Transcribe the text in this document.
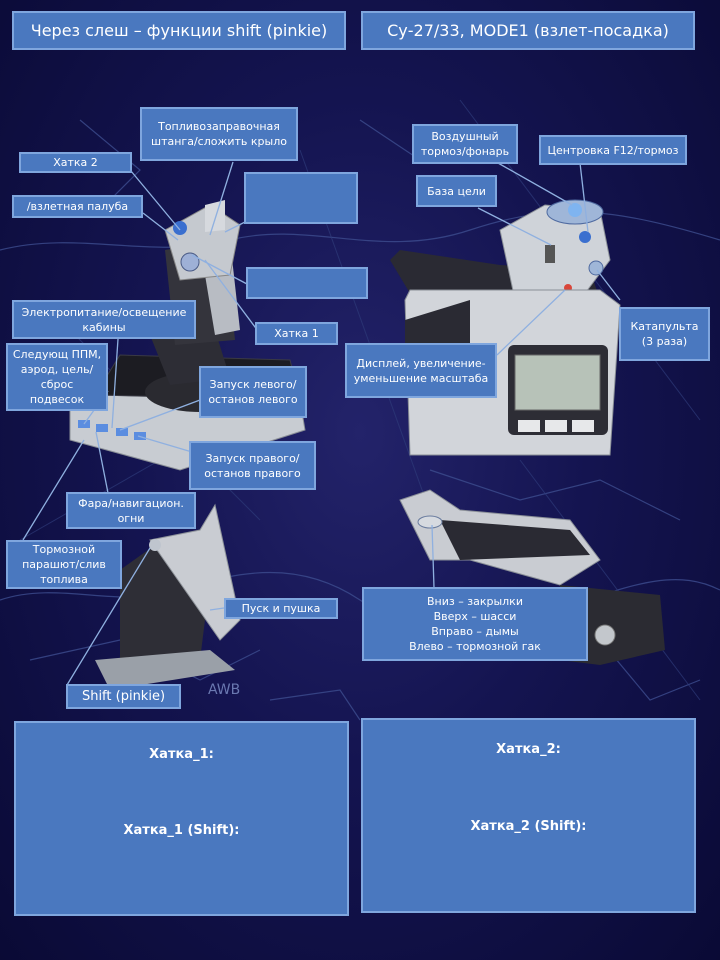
AWB
Через слеш – функции shift (pinkie)	Су-27/33, MODE1 (взлет-посадка)
Топливозаправочная штанга/сложить крыло
Хатка 2
/взлетная палуба
Электропитание/освещение кабины	Хатка 1
Следующ ППМ, аэрод, цель/сброс подвесок
Запуск левого/останов левого
Запуск правого/останов правого
Фара/навигацион. огни
Тормозной парашют/слив топлива
Пуск и пушка
Shift (pinkie)
Воздушный тормоз/фонарь	Центровка F12/тормоз
База цели
Катапульта (3 раза)
Дисплей, увеличение-уменьшение масштаба
Вниз – закрылки
Вверх – шасси
Вправо – дымы
Влево – тормозной гак
Хатка_1:
Хатка_1 (Shift):
Хатка_2:
Хатка_2 (Shift):
